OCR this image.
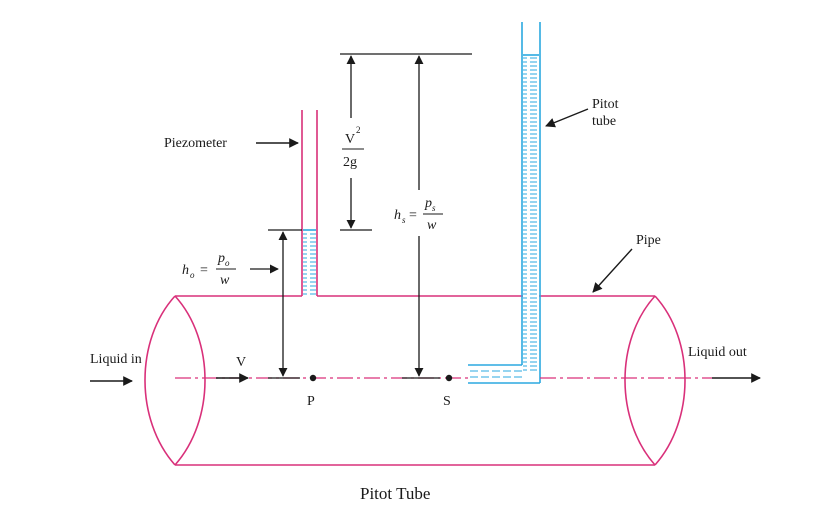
P	S
Liquid in	V
Liquid out
Piezometer
Pitot
tube
Pipe
V
2
2g
h s =
p s
w
h o =
p o
w
Pitot Tube
